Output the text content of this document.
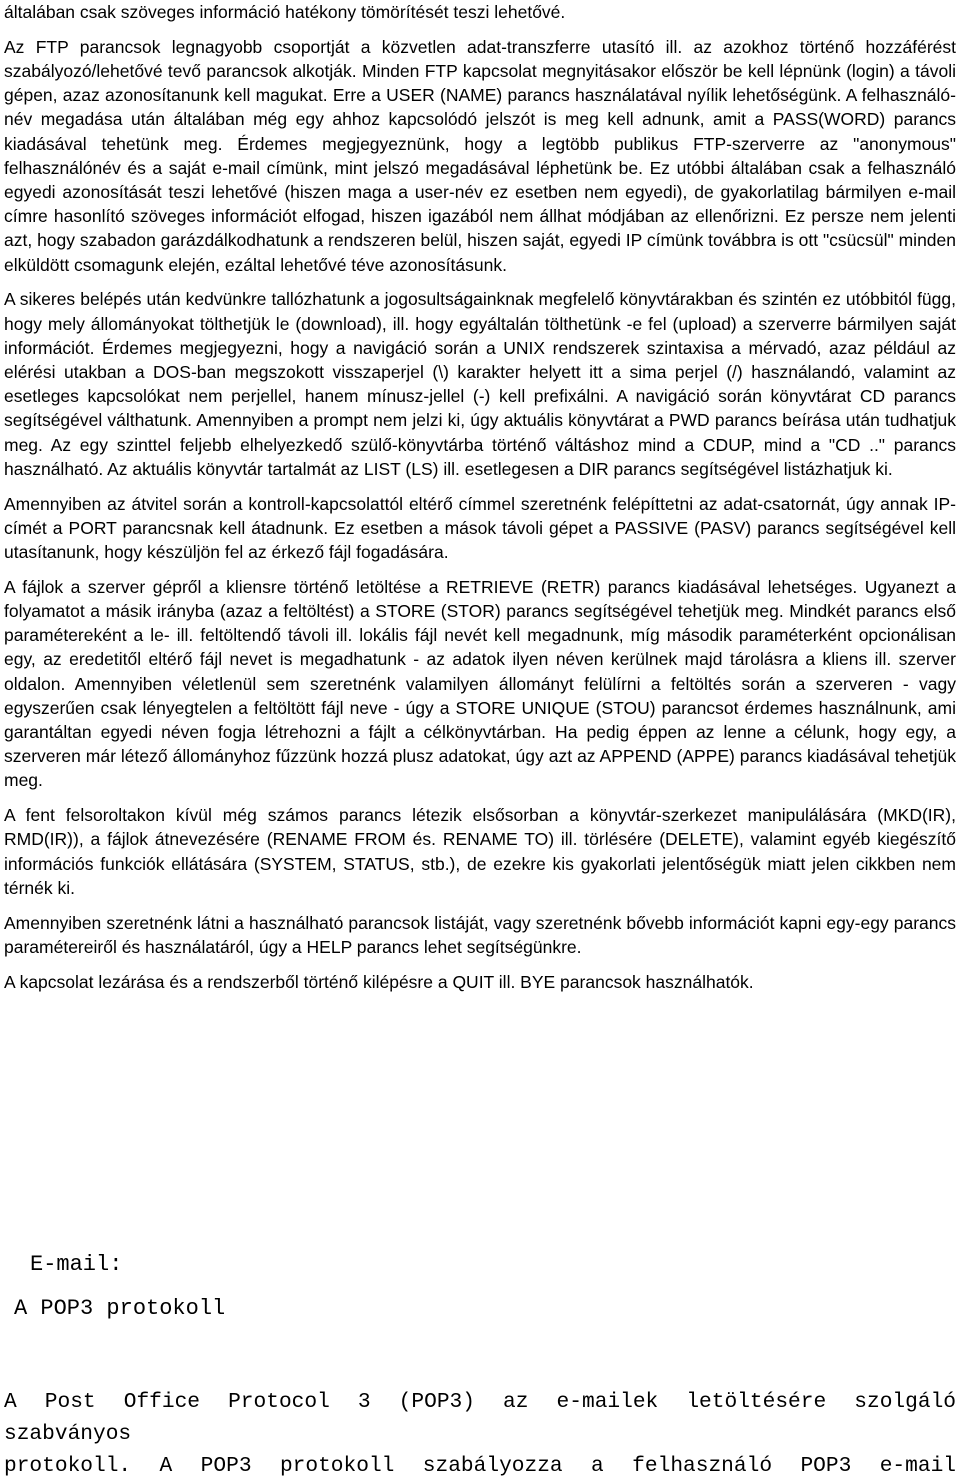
általában csak szöveges információ hatékony tömörítését teszi lehetővé.

Az FTP parancsok legnagyobb csoportját a közvetlen adat-transzferre utasító ill. az azokhoz történő hozzáférést szabályozó/lehetővé tevő parancsok alkotják. Minden FTP kapcsolat megnyitásakor először be kell lépnünk (login) a távoli gépen, azaz azonosítanunk kell magukat. Erre a USER (NAME) parancs használatával nyílik lehetőségünk. A felhasználó-név megadása után általában még egy ahhoz kapcsolódó jelszót is meg kell adnunk, amit a PASS(WORD) parancs kiadásával tehetünk meg. Érdemes megjegyeznünk, hogy a legtöbb publikus FTP-szerverre az "anonymous" felhasználónév és a saját e-mail címünk, mint jelszó megadásával léphetünk be. Ez utóbbi általában csak a felhasználó egyedi azonosítását teszi lehetővé (hiszen maga a user-név ez esetben nem egyedi), de gyakorlatilag bármilyen e-mail címre hasonlító szöveges információt elfogad, hiszen igazából nem állhat módjában az ellenőrizni. Ez persze nem jelenti azt, hogy szabadon garázdálkodhatunk a rendszeren belül, hiszen saját, egyedi IP címünk továbbra is ott "csücsül" minden elküldött csomagunk elején, ezáltal lehetővé téve azonosításunk.

A sikeres belépés után kedvünkre tallózhatunk a jogosultságainknak megfelelő könyvtárakban és szintén ez utóbbitól függ, hogy mely állományokat tölthetjük le (download), ill. hogy egyáltalán tölthetünk -e fel (upload) a szerverre bármilyen saját információt. Érdemes megjegyezni, hogy a navigáció során a UNIX rendszerek szintaxisa a mérvadó, azaz például az elérési utakban a DOS-ban megszokott visszaperjel (\) karakter helyett itt a sima perjel (/) használandó, valamint az esetleges kapcsolókat nem perjellel, hanem mínusz-jellel (-) kell prefixálni. A navigáció során könyvtárat CD parancs segítségével válthatunk. Amennyiben a prompt nem jelzi ki, úgy aktuális könyvtárat a PWD parancs beírása után tudhatjuk meg. Az egy szinttel feljebb elhelyezkedő szülő-könyvtárba történő váltáshoz mind a CDUP, mind a "CD .." parancs használható. Az aktuális könyvtár tartalmát az LIST (LS) ill. esetlegesen a DIR parancs segítségével listázhatjuk ki.

Amennyiben az átvitel során a kontroll-kapcsolattól eltérő címmel szeretnénk felépíttetni az adat-csatornát, úgy annak IP-címét a PORT parancsnak kell átadnunk. Ez esetben a mások távoli gépet a PASSIVE (PASV) parancs segítségével kell utasítanunk, hogy készüljön fel az érkező fájl fogadására.

A fájlok a szerver gépről a kliensre történő letöltése a RETRIEVE (RETR) parancs kiadásával lehetséges. Ugyanezt a folyamatot a másik irányba (azaz a feltöltést) a STORE (STOR) parancs segítségével tehetjük meg. Mindkét parancs első paramétereként a le- ill. feltöltendő távoli ill. lokális fájl nevét kell megadnunk, míg második paraméterként opcionálisan egy, az eredetitől eltérő fájl nevet is megadhatunk - az adatok ilyen néven kerülnek majd tárolásra a kliens ill. szerver oldalon. Amennyiben véletlenül sem szeretnénk valamilyen állományt felülírni a feltöltés során a szerveren - vagy egyszerűen csak lényegtelen a feltöltött fájl neve - úgy a STORE UNIQUE (STOU) parancsot érdemes használnunk, ami garantáltan egyedi néven fogja létrehozni a fájlt a célkönyvtárban. Ha pedig éppen az lenne a célunk, hogy egy, a szerveren már létező állományhoz fűzzünk hozzá plusz adatokat, úgy azt az APPEND (APPE) parancs kiadásával tehetjük meg.

A fent felsoroltakon kívül még számos parancs létezik elsősorban a könyvtár-szerkezet manipulálására (MKD(IR), RMD(IR)), a fájlok átnevezésére (RENAME FROM és. RENAME TO) ill. törlésére (DELETE), valamint egyéb kiegészítő információs funkciók ellátására (SYSTEM, STATUS, stb.), de ezekre kis gyakorlati jelentőségük miatt jelen cikkben nem térnék ki.

Amennyiben szeretnénk látni a használható parancsok listáját, vagy szeretnénk bővebb információt kapni egy-egy parancs paramétereiről és használatáról, úgy a HELP parancs lehet segítségünkre.

A kapcsolat lezárása és a rendszerből történő kilépésre a QUIT ill. BYE parancsok használhatók.

E-mail:
A POP3 protokoll
A Post Office Protocol 3 (POP3) az e-mailek letöltésére szolgáló szabványos
protokoll. A POP3 protokoll szabályozza a felhasználó POP3 e-mail
